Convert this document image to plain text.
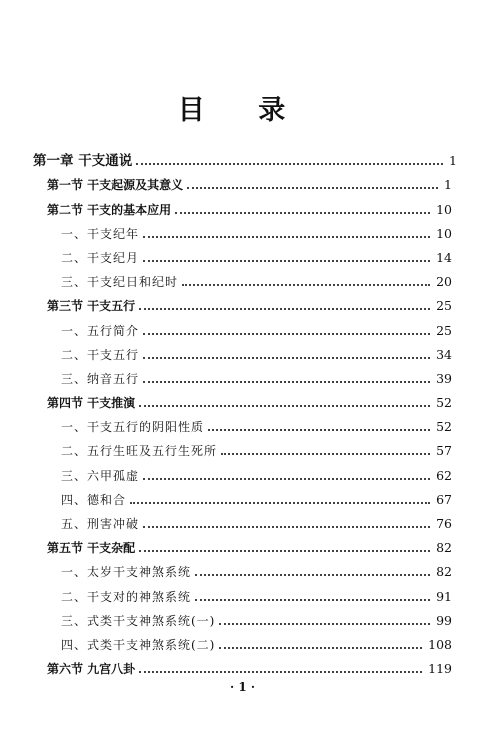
目 录
第一章 干支通说	1
第一节 干支起源及其意义	1
第二节 干支的基本应用	10
一、干支纪年	10
二、干支纪月	14
三、干支纪日和纪时	20
第三节 干支五行	25
一、五行简介	25
二、干支五行	34
三、纳音五行	39
第四节 干支推演	52
一、干支五行的阴阳性质	52
二、五行生旺及五行生死所	57
三、六甲孤虚	62
四、德和合	67
五、刑害冲破	76
第五节 干支杂配	82
一、太岁干支神煞系统	82
二、干支对的神煞系统	91
三、式类干支神煞系统(一)	99
四、式类干支神煞系统(二)	108
第六节 九宫八卦	119
· 1 ·
